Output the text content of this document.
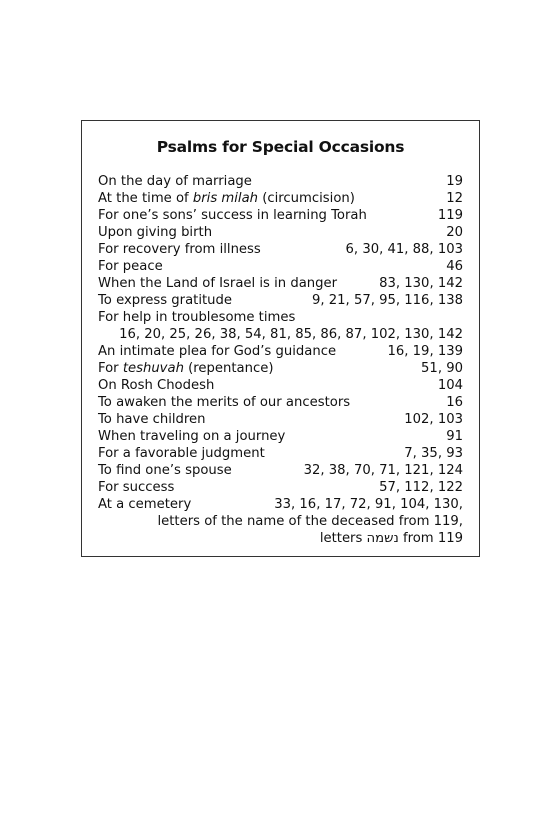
Psalms for Special Occasions
On the day of marriage	19
At the time of bris milah (circumcision)	12
For one’s sons’ success in learning Torah	119
Upon giving birth	20
For recovery from illness	6, 30, 41, 88, 103
For peace	46
When the Land of Israel is in danger	83, 130, 142
To express gratitude	9, 21, 57, 95, 116, 138
For help in troublesome times
16, 20, 25, 26, 38, 54, 81, 85, 86, 87, 102, 130, 142
An intimate plea for God’s guidance	16, 19, 139
For teshuvah (repentance)	51, 90
On Rosh Chodesh	104
To awaken the merits of our ancestors	16
To have children	102, 103
When traveling on a journey	91
For a favorable judgment	7, 35, 93
To find one’s spouse	32, 38, 70, 71, 121, 124
For success	57, 112, 122
At a cemetery	33, 16, 17, 72, 91, 104, 130,
letters of the name of the deceased from 119,
letters נשמה from 119
